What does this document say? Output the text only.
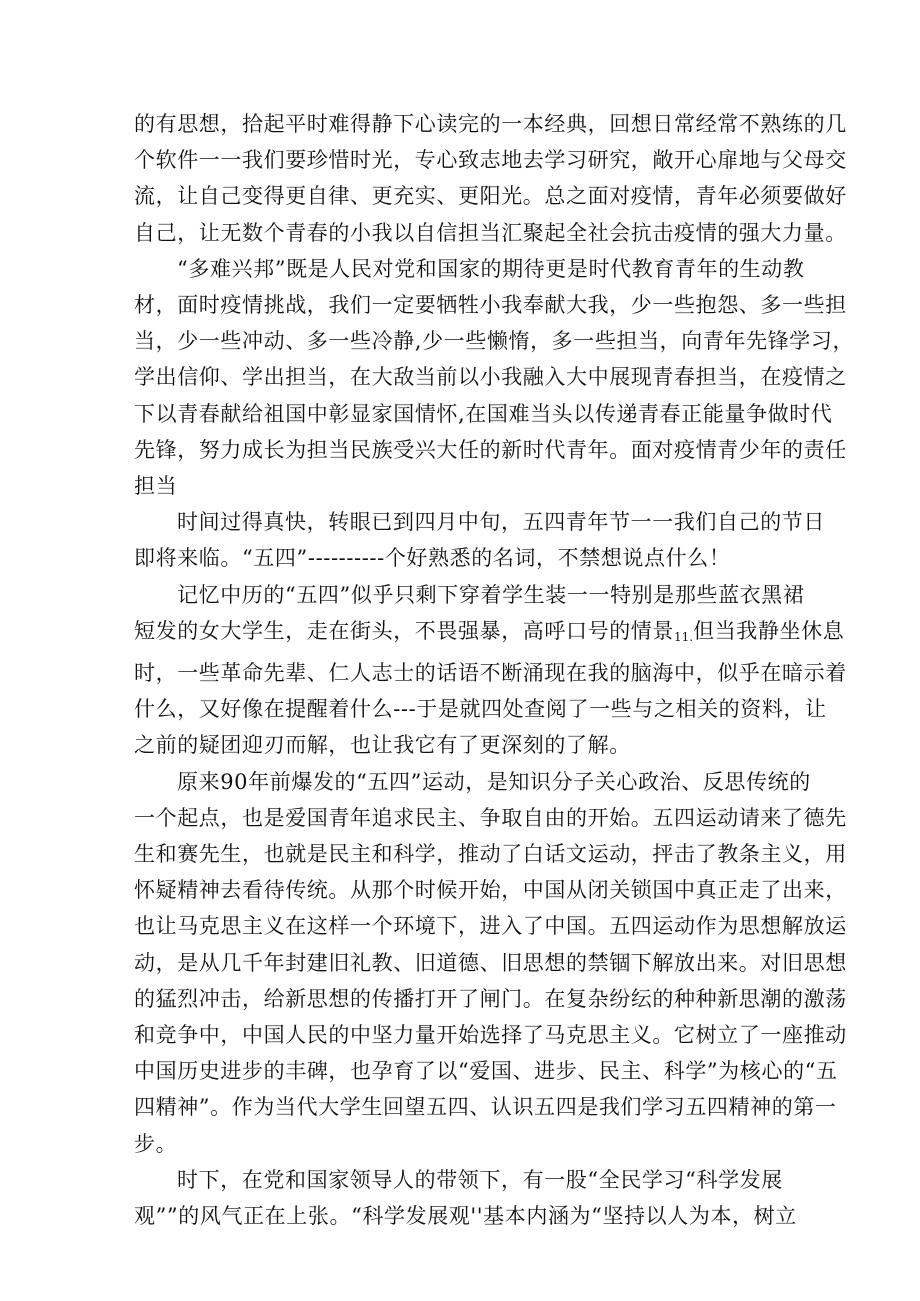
的有思想，拾起平时难得静下心读完的一本经典，回想日常经常不熟练的几
个软件一一我们要珍惜时光，专心致志地去学习研究，敞开心扉地与父母交
流，让自己变得更自律、更充实、更阳光。总之面对疫情，青年必须要做好
自己，让无数个青春的小我以自信担当汇聚起全社会抗击疫情的强大力量。

“多难兴邦”既是人民对党和国家的期待更是时代教育青年的生动教
材，面时疫情挑战，我们一定要牺牲小我奉献大我，少一些抱怨、多一些担
当，少一些冲动、多一些冷静,少一些懒惰，多一些担当，向青年先锋学习，
学出信仰、学出担当，在大敌当前以小我融入大中展现青春担当，在疫情之
下以青春献给祖国中彰显家国情怀,在国难当头以传递青春正能量争做时代
先锋，努力成长为担当民族受兴大任的新时代青年。面对疫情青少年的责任
担当

时间过得真快，转眼已到四月中旬，五四青年节一一我们自己的节日
即将来临。“五四”----------个好熟悉的名词，不禁想说点什么！

记忆中历的“五四”似乎只剩下穿着学生装一一特别是那些蓝衣黑裙
短发的女大学生，走在街头，不畏强暴，高呼口号的情景$_{11.}$但当我静坐休息
时，一些革命先辈、仁人志士的话语不断涌现在我的脑海中，似乎在暗示着
什么，又好像在提醒着什么---于是就四处查阅了一些与之相关的资料，让
之前的疑团迎刃而解，也让我它有了更深刻的了解。

原来90年前爆发的“五四”运动，是知识分子关心政治、反思传统的
一个起点，也是爱国青年追求民主、争取自由的开始。五四运动请来了德先
生和赛先生，也就是民主和科学，推动了白话文运动，抨击了教条主义，用
怀疑精神去看待传统。从那个时候开始，中国从闭关锁国中真正走了出来，
也让马克思主义在这样一个环境下，进入了中国。五四运动作为思想解放运
动，是从几千年封建旧礼教、旧道德、旧思想的禁锢下解放出来。对旧思想
的猛烈冲击，给新思想的传播打开了闸门。在复杂纷纭的种种新思潮的激荡
和竞争中，中国人民的中坚力量开始选择了马克思主义。它树立了一座推动
中国历史进步的丰碑，也孕育了以“爱国、进步、民主、科学”为核心的“五
四精神”。作为当代大学生回望五四、认识五四是我们学习五四精神的第一
步。

时下，在党和国家领导人的带领下，有一股“全民学习“科学发展
观””的风气正在上张。“科学发展观''基本内涵为“坚持以人为本，树立
